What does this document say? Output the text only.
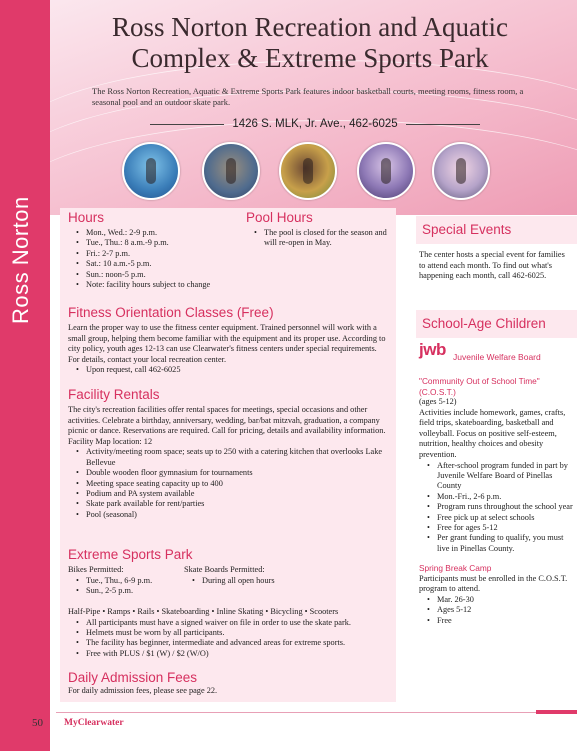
Ross Norton
Ross Norton Recreation and Aquatic
Complex & Extreme Sports Park
The Ross Norton Recreation, Aquatic & Extreme Sports Park features indoor basketball courts, meeting rooms, fitness room, a seasonal pool and an outdoor skate park.
1426 S. MLK, Jr. Ave., 462-6025
Hours
• Mon., Wed.: 2-9 p.m.
• Tue., Thu.: 8 a.m.-9 p.m.
• Fri.: 2-7 p.m.
• Sat.: 10 a.m.-5 p.m.
• Sun.: noon-5 p.m.
• Note: facility hours subject to change
Pool Hours
• The pool is closed for the season and will re-open in May.
Fitness Orientation Classes (Free)
Learn the proper way to use the fitness center equipment. Trained personnel will work with a small group, helping them become familiar with the equipment and its proper use. According to city policy, youth ages 12-13 can use Clearwater's fitness centers under special requirements. For details, contact your local recreation center.
• Upon request, call 462-6025
Facility Rentals
The city's recreation facilities offer rental spaces for meetings, special occasions and other activities. Celebrate a birthday, anniversary, wedding, bar/bat mitzvah, graduation, a company picnic or dance. Reservations are required. Call for pricing, details and availability information.
Facility Map location: 12
• Activity/meeting room space; seats up to 250 with a catering kitchen that overlooks Lake Bellevue
• Double wooden floor gymnasium for tournaments
• Meeting space seating capacity up to 400
• Podium and PA system available
• Skate park available for rent/parties
• Pool (seasonal)
Extreme Sports Park
Bikes Permitted:
• Tue., Thu., 6-9 p.m.
• Sun., 2-5 p.m.
Skate Boards Permitted:
• During all open hours
Half-Pipe • Ramps • Rails • Skateboarding • Inline Skating • Bicycling • Scooters
• All participants must have a signed waiver on file in order to use the skate park.
• Helmets must be worn by all participants.
• The facility has beginner, intermediate and advanced areas for extreme sports.
• Free with PLUS / $1 (W) / $2 (W/O)
Daily Admission Fees
For daily admission fees, please see page 22.
Special Events
The center hosts a special event for families to attend each month. To find out what's happening each month, call 462-6025.
School-Age Children
jwb Juvenile Welfare Board
"Community Out of School Time"
(C.O.S.T.)
(ages 5-12)
Activities include homework, games, crafts, field trips, skateboarding, basketball and volleyball. Focus on positive self-esteem, nutrition, healthy choices and obesity prevention.
• After-school program funded in part by Juvenile Welfare Board of Pinellas County
• Mon.-Fri., 2-6 p.m.
• Program runs throughout the school year
• Free pick up at select schools
• Free for ages 5-12
• Per grant funding to qualify, you must live in Pinellas County.
Spring Break Camp
Participants must be enrolled in the C.O.S.T. program to attend.
• Mar. 26-30
• Ages 5-12
• Free
50 MyClearwater
